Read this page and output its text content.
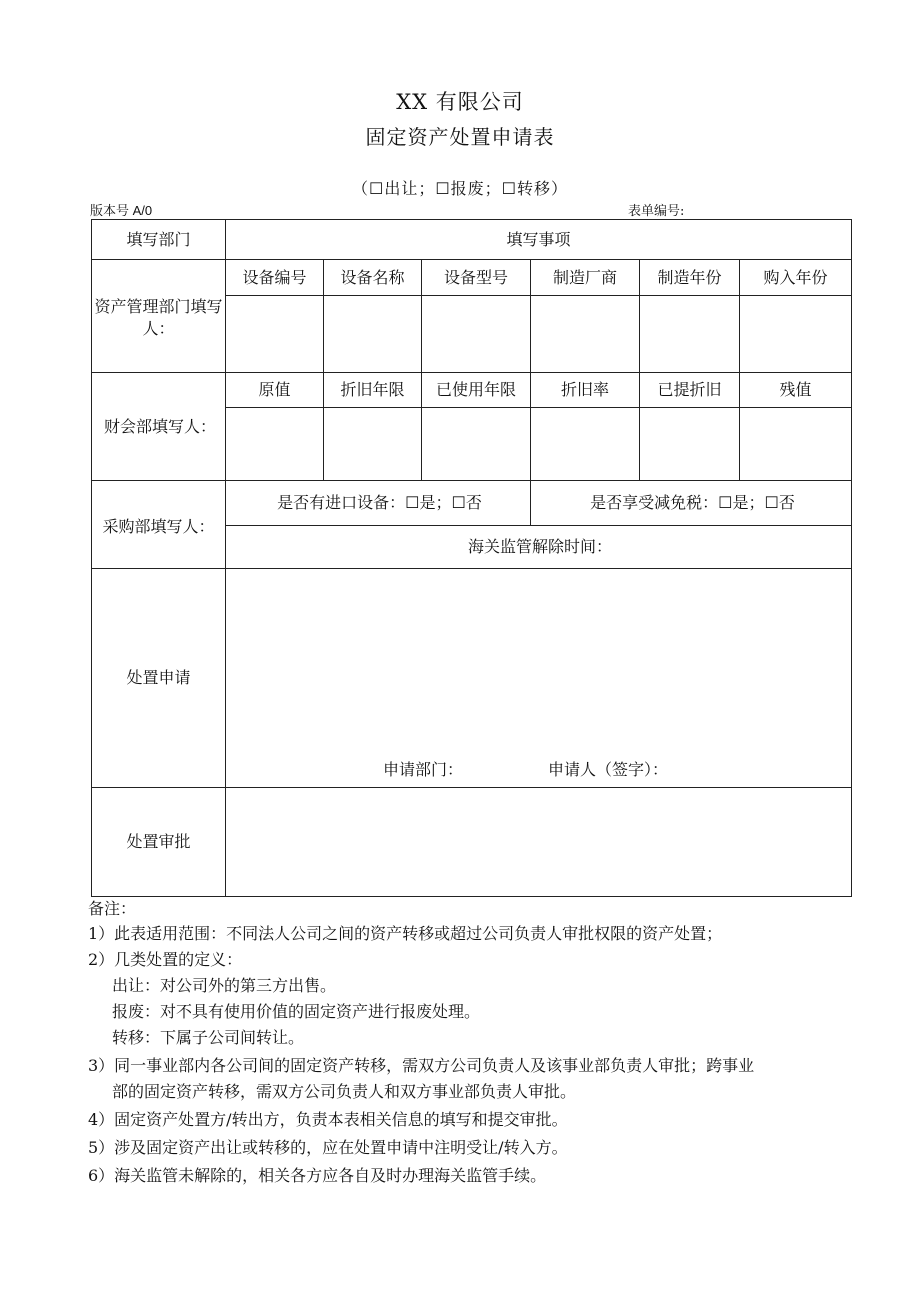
XX 有限公司
固定资产处置申请表
（☐出让；☐报废；☐转移）
版本号 A/0	表单编号:
填写部门	填写事项					

资产管理部门填写人：	设备编号	设备名称	设备型号	制造厂商	制造年份	购入年份

财会部填写人：	原值	折旧年限	已使用年限	折旧率	已提折旧	残值

采购部填写人：	是否有进口设备：☐是；☐否			是否享受减免税：☐是；☐否		
	海关监管解除时间：					
处置申请	申请部门： 申请人（签字）：					

处置审批						
备注：
1）此表适用范围：不同法人公司之间的资产转移或超过公司负责人审批权限的资产处置；
2）几类处置的定义：
出让：对公司外的第三方出售。
报废：对不具有使用价值的固定资产进行报废处理。
转移：下属子公司间转让。
3）同一事业部内各公司间的固定资产转移，需双方公司负责人及该事业部负责人审批；跨事业
部的固定资产转移，需双方公司负责人和双方事业部负责人审批。
4）固定资产处置方/转出方，负责本表相关信息的填写和提交审批。
5）涉及固定资产出让或转移的，应在处置申请中注明受让/转入方。
6）海关监管未解除的，相关各方应各自及时办理海关监管手续。
